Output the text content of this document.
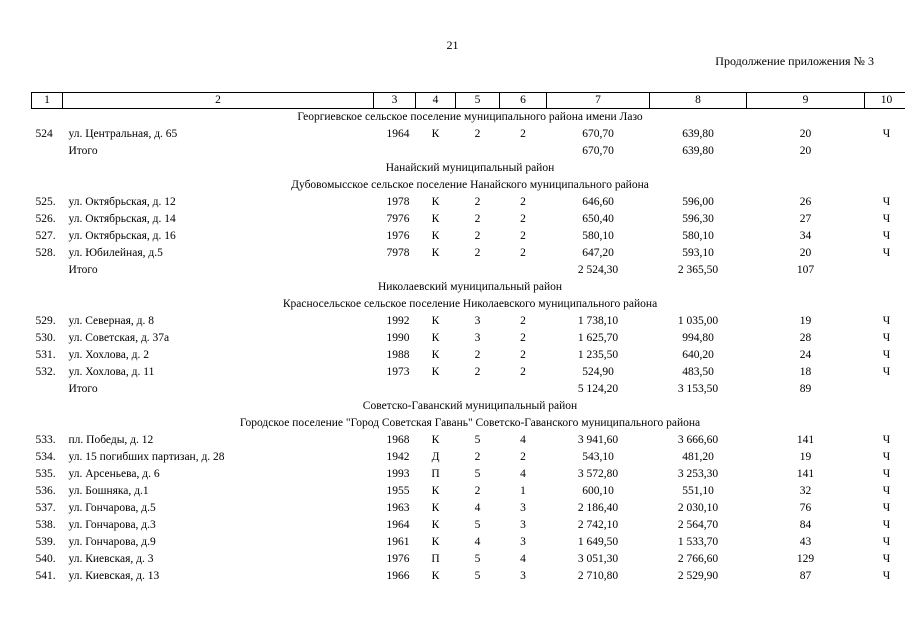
21
Продолжение приложения № 3
1	2	3	4	5	6	7	8	9	10
Георгиевское сельское поселение муниципального района имени Лазо									
524	ул. Центральная, д. 65	1964	К	2	2	670,70	639,80	20	Ч
	Итого					670,70	639,80	20	
Нанайский муниципальный район									
Дубовомысское сельское поселение Нанайского муниципального района									
525.	ул. Октябрьская, д. 12	1978	К	2	2	646,60	596,00	26	Ч
526.	ул. Октябрьская, д. 14	7976	К	2	2	650,40	596,30	27	Ч
527.	ул. Октябрьская, д. 16	1976	К	2	2	580,10	580,10	34	Ч
528.	ул. Юбилейная, д.5	7978	К	2	2	647,20	593,10	20	Ч
	Итого					2 524,30	2 365,50	107	
Николаевский муниципальный район									
Красносельское сельское поселение Николаевского муниципального района									
529.	ул. Северная, д. 8	1992	К	3	2	1 738,10	1 035,00	19	Ч
530.	ул. Советская, д. 37а	1990	К	3	2	1 625,70	994,80	28	Ч
531.	ул. Хохлова, д. 2	1988	К	2	2	1 235,50	640,20	24	Ч
532.	ул. Хохлова, д. 11	1973	К	2	2	524,90	483,50	18	Ч
	Итого					5 124,20	3 153,50	89	
Советско-Гаванский муниципальный район									
Городское поселение "Город Советская Гавань" Советско-Гаванского муниципального района									
533.	пл. Победы, д. 12	1968	К	5	4	3 941,60	3 666,60	141	Ч
534.	ул. 15 погибших партизан, д. 28	1942	Д	2	2	543,10	481,20	19	Ч
535.	ул. Арсеньева, д. 6	1993	П	5	4	3 572,80	3 253,30	141	Ч
536.	ул. Бошняка, д.1	1955	К	2	1	600,10	551,10	32	Ч
537.	ул. Гончарова, д.5	1963	К	4	3	2 186,40	2 030,10	76	Ч
538.	ул. Гончарова, д.3	1964	К	5	3	2 742,10	2 564,70	84	Ч
539.	ул. Гончарова, д.9	1961	К	4	3	1 649,50	1 533,70	43	Ч
540.	ул. Киевская, д. 3	1976	П	5	4	3 051,30	2 766,60	129	Ч
541.	ул. Киевская, д. 13	1966	К	5	3	2 710,80	2 529,90	87	Ч
